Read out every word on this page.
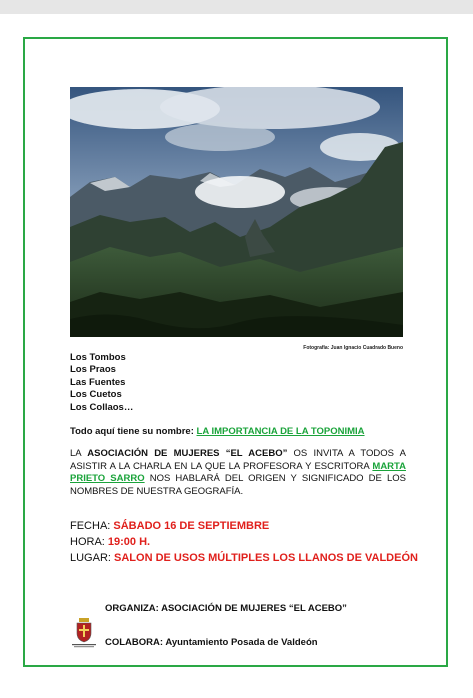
Fotografía: Juan Ignacio Cuadrado Bueno
Los Tombos
Los Praos
Las Fuentes
Los Cuetos
Los Collaos…
Todo aquí tiene su nombre: LA IMPORTANCIA DE LA TOPONIMIA
LA ASOCIACIÓN DE MUJERES “EL ACEBO” OS INVITA A TODOS A ASISTIR A LA CHARLA EN LA QUE LA PROFESORA Y ESCRITORA MARTA PRIETO SARRO NOS HABLARÁ DEL ORIGEN Y SIGNIFICADO DE LOS NOMBRES DE NUESTRA GEOGRAFÍA.
FECHA: SÁBADO 16 DE SEPTIEMBRE
HORA: 19:00 H.
LUGAR: SALON DE USOS MÚLTIPLES LOS LLANOS DE VALDEÓN
ORGANIZA: ASOCIACIÓN DE MUJERES “EL ACEBO”
COLABORA: Ayuntamiento Posada de Valdeón
